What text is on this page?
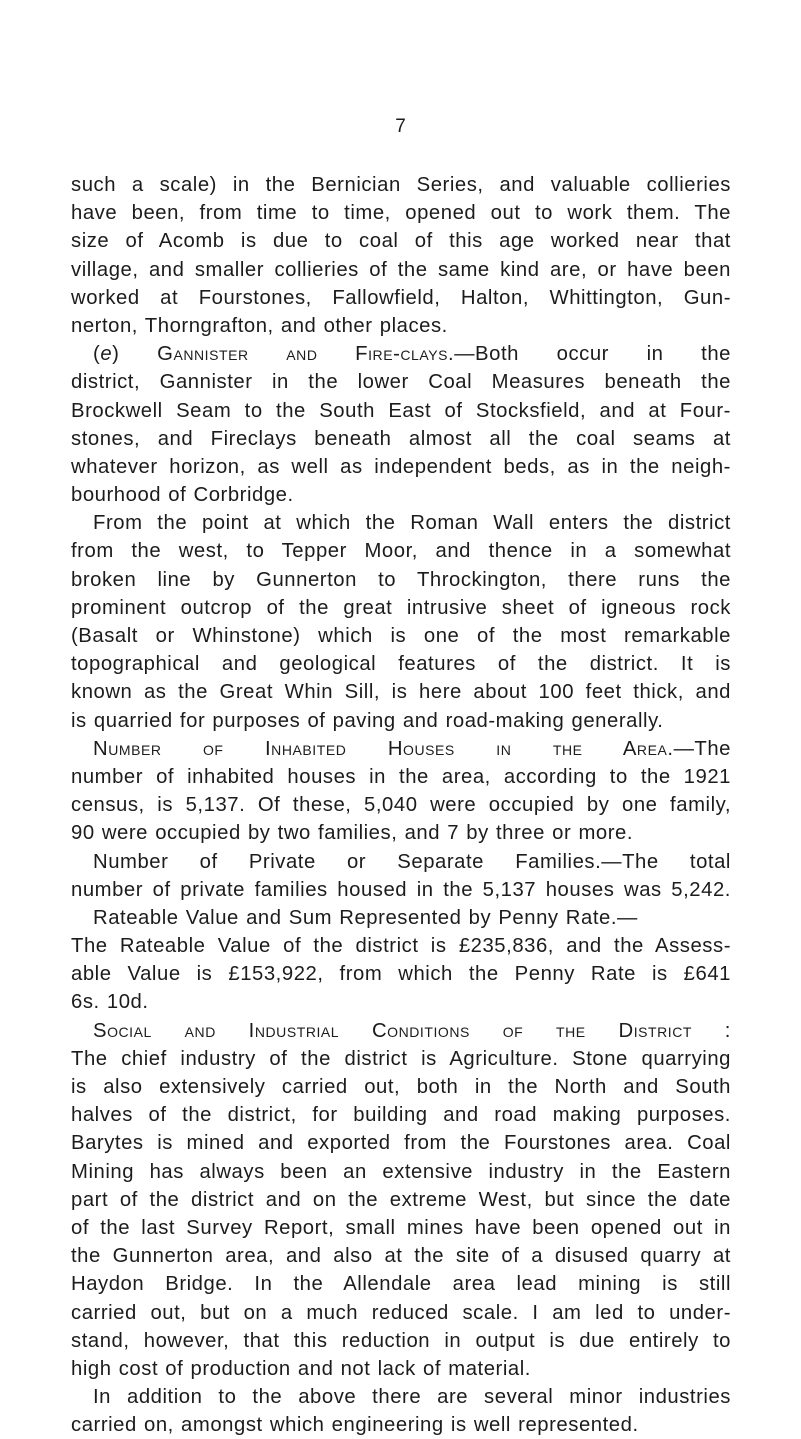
7
such a scale) in the Bernician Series, and valuable collieries
have been, from time to time, opened out to work them. The
size of Acomb is due to coal of this age worked near that
village, and smaller collieries of the same kind are, or have been
worked at Fourstones, Fallowfield, Halton, Whittington, Gun-
nerton, Thorngrafton, and other places.
(e) Gannister and Fire-clays.—Both occur in the
district, Gannister in the lower Coal Measures beneath the
Brockwell Seam to the South East of Stocksfield, and at Four-
stones, and Fireclays beneath almost all the coal seams at
whatever horizon, as well as independent beds, as in the neigh-
bourhood of Corbridge.
From the point at which the Roman Wall enters the district
from the west, to Tepper Moor, and thence in a somewhat
broken line by Gunnerton to Throckington, there runs the
prominent outcrop of the great intrusive sheet of igneous rock
(Basalt or Whinstone) which is one of the most remarkable
topographical and geological features of the district. It is
known as the Great Whin Sill, is here about 100 feet thick, and
is quarried for purposes of paving and road-making generally.
Number of Inhabited Houses in the Area.—The
number of inhabited houses in the area, according to the 1921
census, is 5,137. Of these, 5,040 were occupied by one family,
90 were occupied by two families, and 7 by three or more.
Number of Private or Separate Families.—The total
number of private families housed in the 5,137 houses was 5,242.
Rateable Value and Sum Represented by Penny Rate.—
The Rateable Value of the district is £235,836, and the Assess-
able Value is £153,922, from which the Penny Rate is £641
6s. 10d.
Social and Industrial Conditions of the District :
The chief industry of the district is Agriculture. Stone quarrying
is also extensively carried out, both in the North and South
halves of the district, for building and road making purposes.
Barytes is mined and exported from the Fourstones area. Coal
Mining has always been an extensive industry in the Eastern
part of the district and on the extreme West, but since the date
of the last Survey Report, small mines have been opened out in
the Gunnerton area, and also at the site of a disused quarry at
Haydon Bridge. In the Allendale area lead mining is still
carried out, but on a much reduced scale. I am led to under-
stand, however, that this reduction in output is due entirely to
high cost of production and not lack of material.
In addition to the above there are several minor industries
carried on, amongst which engineering is well represented.
